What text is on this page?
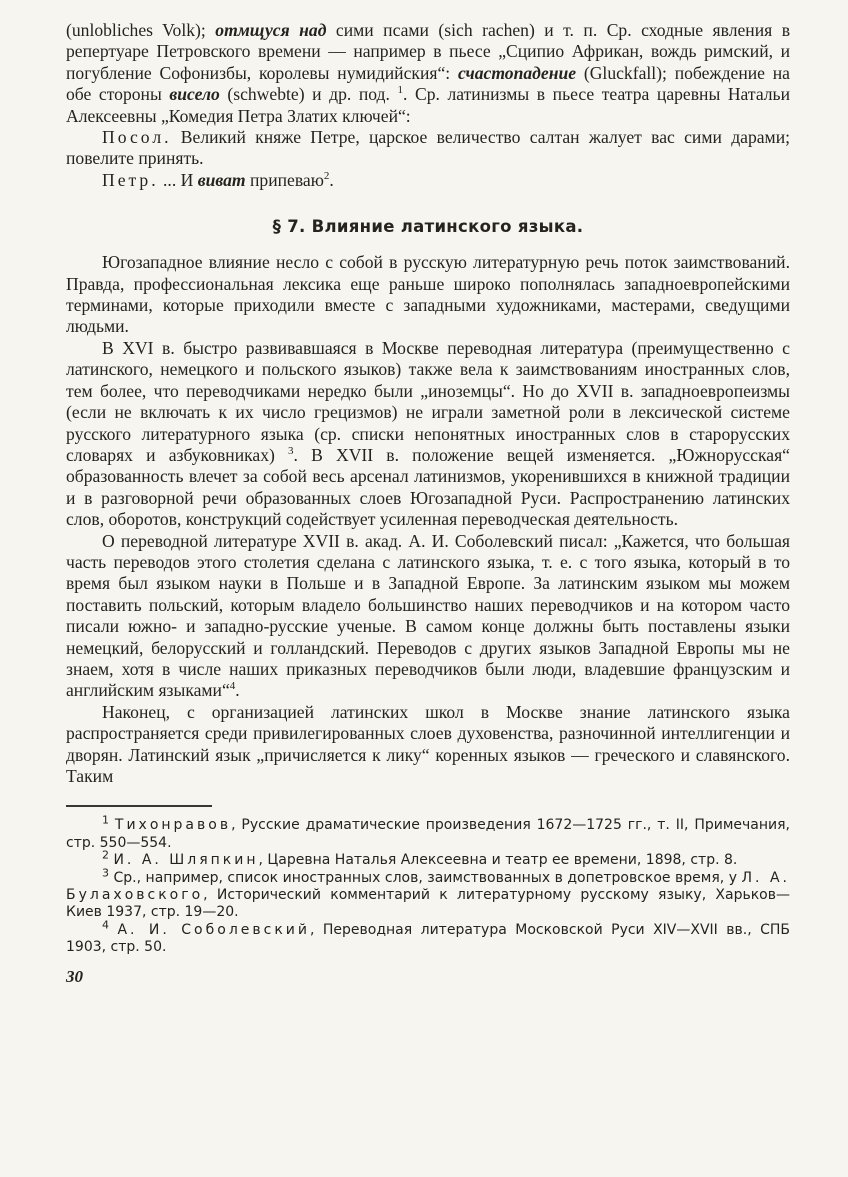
(unlobliches Volk); отмщуся над сими псами (sich rachen) и т. п. Ср. сходные явления в репертуаре Петровского времени — например в пьесе „Сципио Африкан, вождь римский, и погубление Софонизбы, королевы нумидийския“: счастопадение (Gluckfall); побеждение на обе стороны висело (schwebte) и др. под. $^1$. Ср. латинизмы в пьесе театра царевны Натальи Алексеевны „Комедия Петра Златих ключей“:

Посол. Великий княже Петре, царское величество салтан жалует вас сими дарами; повелите принять.

Петр. ... И виват припеваю$^2$.

§ 7. Влияние латинского языка.

Югозападное влияние несло с собой в русскую литературную речь поток заимствований. Правда, профессиональная лексика еще раньше широко пополнялась западноевропейскими терминами, которые приходили вместе с западными художниками, мастерами, сведущими людьми.

В XVI в. быстро развивавшаяся в Москве переводная литература (преимущественно с латинского, немецкого и польского языков) также вела к заимствованиям иностранных слов, тем более, что переводчиками нередко были „иноземцы“. Но до XVII в. западноевропеизмы (если не включать к их число грецизмов) не играли заметной роли в лексической системе русского литературного языка (ср. списки непонятных иностранных слов в старорусских словарях и азбуковниках) $^3$. В XVII в. положение вещей изменяется. „Южнорусская“ образованность влечет за собой весь арсенал латинизмов, укоренившихся в книжной традиции и в разговорной речи образованных слоев Югозападной Руси. Распространению латинских слов, оборотов, конструкций содействует усиленная переводческая деятельность.

О переводной литературе XVII в. акад. А. И. Соболевский писал: „Кажется, что большая часть переводов этого столетия сделана с латинского языка, т. е. с того языка, который в то время был языком науки в Польше и в Западной Европе. За латинским языком мы можем поставить польский, которым владело большинство наших переводчиков и на котором часто писали южно- и западно-русские ученые. В самом конце должны быть поставлены языки немецкий, белорусский и голландский. Переводов с других языков Западной Европы мы не знаем, хотя в числе наших приказных переводчиков были люди, владевшие французским и английским языками“$^4$.

Наконец, с организацией латинских школ в Москве знание латинского языка распространяется среди привилегированных слоев духовенства, разночинной интеллигенции и дворян. Латинский язык „причисляется к лику“ коренных языков — греческого и славянского. Таким

$^1$ Тихонравов, Русские драматические произведения 1672—1725 гг., т. II, Примечания, стр. 550—554.

$^2$ И. А. Шляпкин, Царевна Наталья Алексеевна и театр ее времени, 1898, стр. 8.

$^3$ Ср., например, список иностранных слов, заимствованных в допетровское время, у Л. А. Булаховского, Исторический комментарий к литературному русскому языку, Харьков—Киев 1937, стр. 19—20.

$^4$ А. И. Соболевский, Переводная литература Московской Руси XIV—XVII вв., СПБ 1903, стр. 50.

30
